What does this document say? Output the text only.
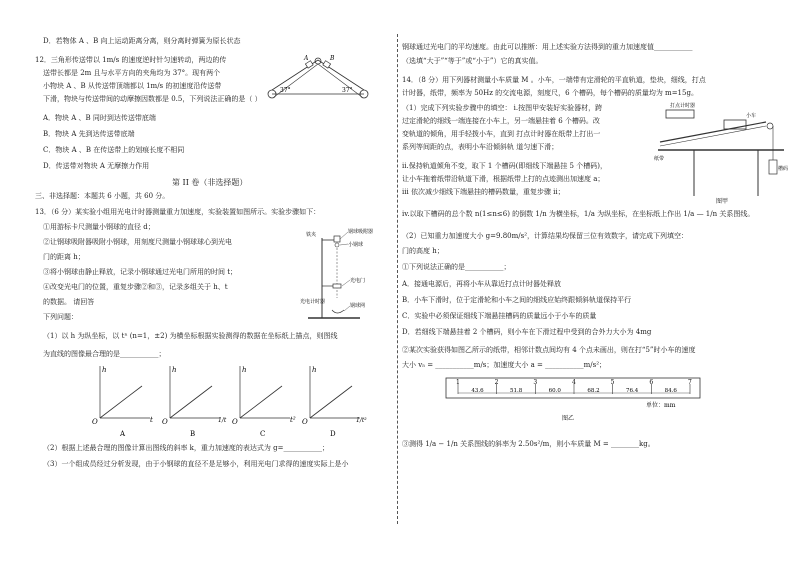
D．若物体 A 、B 向上运动距离分离，则分离时弹簧为原长状态
12．三角形传送带以 1m/s 的速度逆时针匀速转动，两边的传
送带长都是 2m 且与水平方向的夹角均为 37°。现有两个
小物块 A 、B 从传送带顶端都以 1m/s 的初速度沿传送带
下滑，物块与传送带间的动摩擦因数都是 0.5，下列说法正确的是（ ）
A．物块 A 、B 同时到达传送带底端
B．物块 A 先到达传送带底端
C．物块 A 、B 在传送带上的划痕长度不相同
D．传送带对物块 A 无摩擦力作用
A	B
37°	37°
第 II 卷（非选择题）
三、非选择题：本题共 6 小题，共 60 分。
13．（6 分）某实验小组用光电计时器测量重力加速度，实验装置如图所示。实验步骤如下：
①用游标卡尺测量小钢球的直径 d；
②让钢球吸附器吸附小钢球，用刻度尺测量小钢球球心到光电
门的距离 h；
③将小钢球由静止释放，记录小钢球通过光电门所用的时间 t；
④改变光电门的位置，重复步骤②和③，记录多组关于 h、t
的数据。 请回答
下列问题：
铁夹	钢球吸附器
小钢球
光电门
钢球网
光电计时器
（1）以 h 为纵坐标，以 tⁿ (n=1，±2) 为横坐标根据实验测得的数据在坐标纸上描点，则图线
为直线的图像最合理的是___________；
h
t
O
A
h
1/t
O
B
h
t²
O
C
h
1/t²
O
D
（2）根据上述最合理的图像计算出图线的斜率 k，重力加速度的表达式为 g=___________；
（3）一个组成员经过分析发现，由于小钢球的直径不是足够小，利用光电门求得的速度实际上是小
钢球通过光电门的平均速度。由此可以推断：用上述实验方法得到的重力加速度值___________
（选填“大于”“等于”或“小于”）它的真实值。
14．（8 分）用下列器材测量小车质量 M 。小车，一端带有定滑轮的平直轨道，垫块，细线，打点
计时器，纸带，频率为 50Hz 的交流电源，刻度尺，6 个槽码，每个槽码的质量均为 m=15g。
（1）完成下列实验步骤中的填空： i.按图甲安装好实验器材，跨
过定滑轮的细线一端连接在小车上，另一端悬挂着 6 个槽码。改
变轨道的倾角，用手轻拨小车，直到 打点计时器在纸带上打出一
系列等间距的点，表明小车沿倾斜轨 道匀速下滑；
ii.保持轨道倾角不变，取下 1 个槽码(即细线下端悬挂 5 个槽码)，
让小车拖着纸带沿轨道下滑，根据纸带上打的点迹测出加速度 a；
iii 依次减少细线下端悬挂的槽码数量，重复步骤 ii；
iv.以取下槽码的总个数 n(1≤n≤6) 的倒数 1/n 为横坐标，1/a 为纵坐标，在坐标纸上作出 1/a — 1/n 关系图线。
（2）已知重力加速度大小 g=9.80m/s²，计算结果均保留三位有效数字，请完成下列填空：
门的高度 h；
①下列说法正确的是___________；
A．接通电源后，再将小车从靠近打点计时器处释放
B．小车下滑时，位于定滑轮和小车之间的细线应始终跟倾斜轨道保持平行
C．实验中必须保证细线下端悬挂槽码的质量远小于小车的质量
D．若细线下端悬挂着 2 个槽码，则小车在下滑过程中受到的合外力大小为 4mg
②某次实验获得如图乙所示的纸带，相邻计数点间均有 4 个点未画出，则在打“5”时小车的速度
大小 v₅ = ___________m/s；加速度大小 a = ___________m/s²；
打点计时器
小车
纸带
槽码
图甲
1	2	3	4	5	6	7
43.6	51.8	60.0	68.2	76.4	84.6
单位：mm
图乙
③测得 1/a − 1/n 关系图线的斜率为 2.50s²/m，则小车质量 M = ________kg。
